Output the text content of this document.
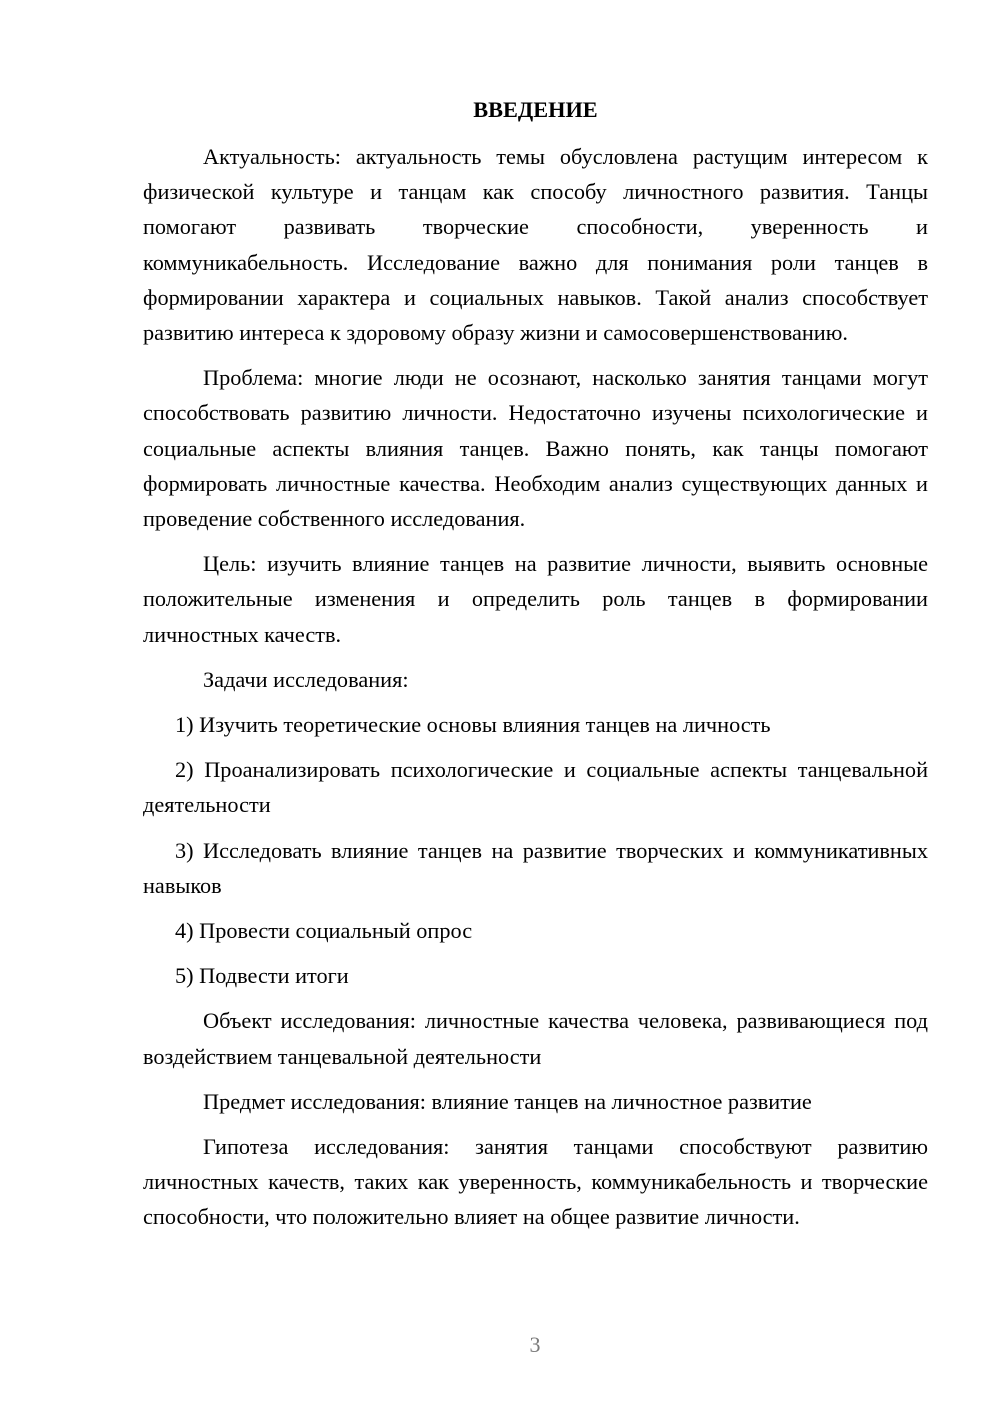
ВВЕДЕНИЕ

Актуальность: актуальность темы обусловлена растущим интересом к физической культуре и танцам как способу личностного развития. Танцы помогают развивать творческие способности, уверенность и коммуникабельность. Исследование важно для понимания роли танцев в формировании характера и социальных навыков. Такой анализ способствует развитию интереса к здоровому образу жизни и самосовершенствованию.

Проблема: многие люди не осознают, насколько занятия танцами могут способствовать развитию личности. Недостаточно изучены психологические и социальные аспекты влияния танцев. Важно понять, как танцы помогают формировать личностные качества. Необходим анализ существующих данных и проведение собственного исследования.

Цель: изучить влияние танцев на развитие личности, выявить основные положительные изменения и определить роль танцев в формировании личностных качеств.

Задачи исследования:

1) Изучить теоретические основы влияния танцев на личность

2) Проанализировать психологические и социальные аспекты танцевальной деятельности

3) Исследовать влияние танцев на развитие творческих и коммуникативных навыков

4) Провести социальный опрос

5) Подвести итоги

Объект исследования: личностные качества человека, развивающиеся под воздействием танцевальной деятельности

Предмет исследования: влияние танцев на личностное развитие

Гипотеза исследования: занятия танцами способствуют развитию личностных качеств, таких как уверенность, коммуникабельность и творческие способности, что положительно влияет на общее развитие личности.

3
